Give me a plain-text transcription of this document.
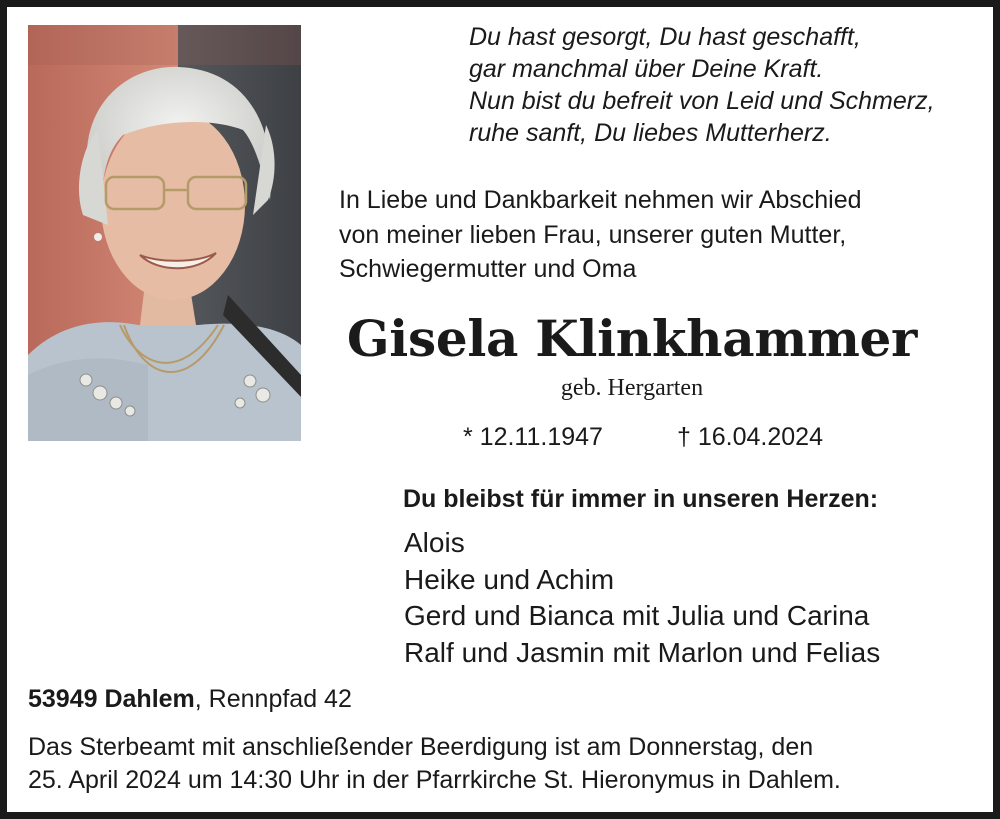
Du hast gesorgt, Du hast geschafft,
gar manchmal über Deine Kraft.
Nun bist du befreit von Leid und Schmerz,
ruhe sanft, Du liebes Mutterherz.
In Liebe und Dankbarkeit nehmen wir Abschied
von meiner lieben Frau, unserer guten Mutter,
Schwiegermutter und Oma
Gisela Klinkhammer
geb. Hergarten
* 12.11.1947	† 16.04.2024
Du bleibst für immer in unseren Herzen:
Alois
Heike und Achim
Gerd und Bianca mit Julia und Carina
Ralf und Jasmin mit Marlon und Felias
53949 Dahlem, Rennpfad 42
Das Sterbeamt mit anschließender Beerdigung ist am Donnerstag, den
25. April 2024 um 14:30 Uhr in der Pfarrkirche St. Hieronymus in Dahlem.
